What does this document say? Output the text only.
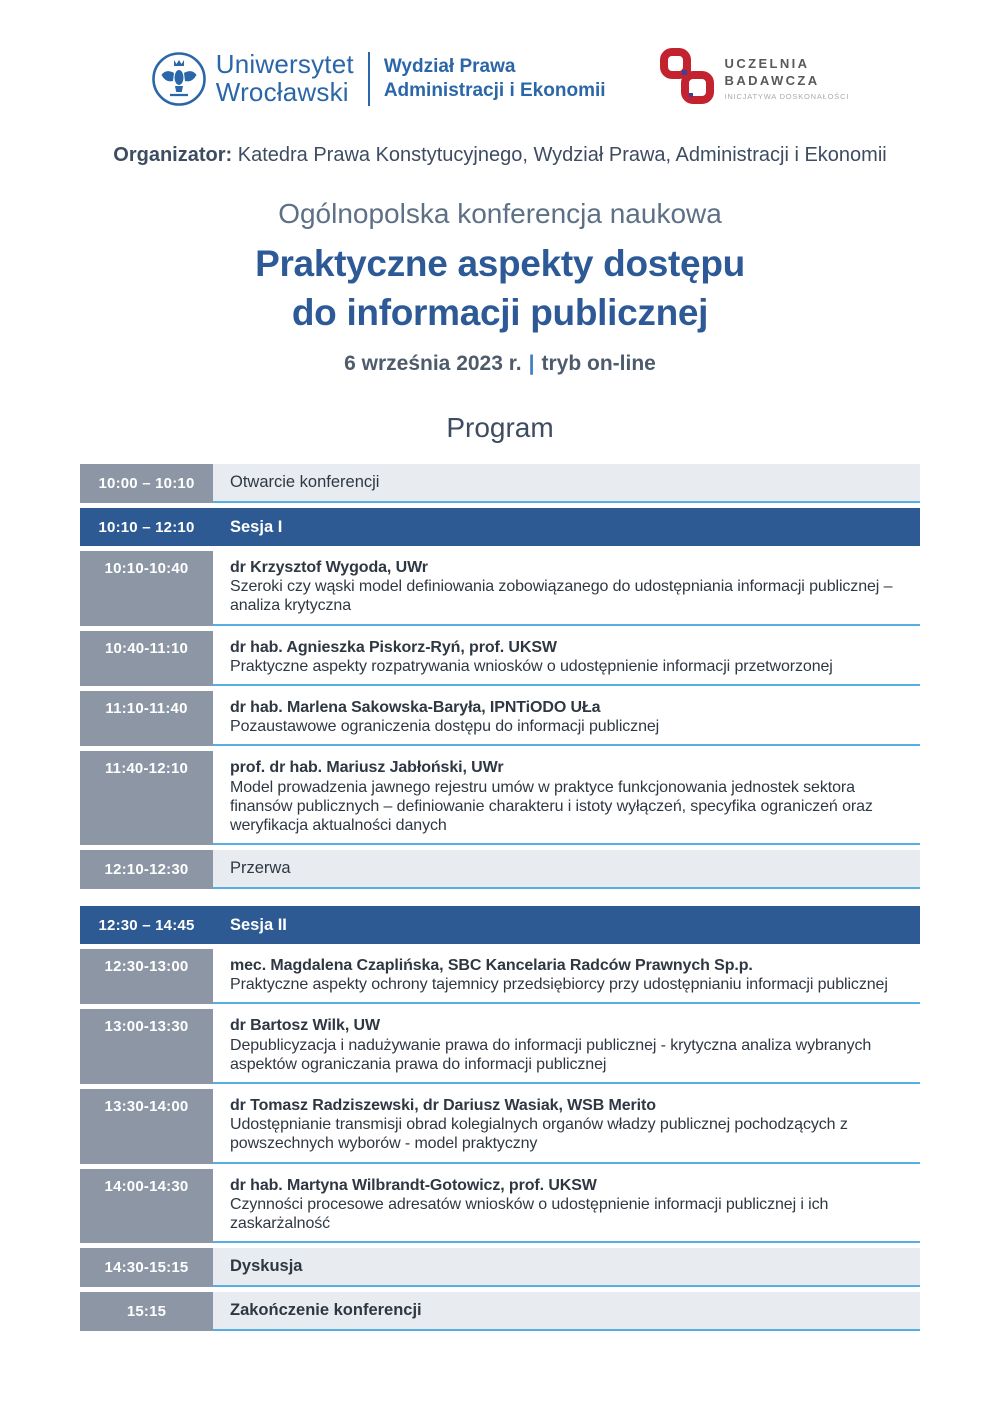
Uniwersytet
Wrocławski
Wydział Prawa
Administracji i Ekonomii
UCZELNIA
BADAWCZA
INICJATYWA DOSKONAŁOŚCI
Organizator: Katedra Prawa Konstytucyjnego, Wydział Prawa, Administracji i Ekonomii
Ogólnopolska konferencja naukowa
Praktyczne aspekty dostępu
do informacji publicznej
6 września 2023 r. | tryb on-line
Program
10:00 – 10:10	Otwarcie konferencji
10:10 – 12:10	Sesja I
10:10-10:40	dr Krzysztof Wygoda, UWr
Szeroki czy wąski model definiowania zobowiązanego do udostępniania informacji publicznej – analiza krytyczna
10:40-11:10	dr hab. Agnieszka Piskorz-Ryń, prof. UKSW
Praktyczne aspekty rozpatrywania wniosków o udostępnienie informacji przetworzonej
11:10-11:40	dr hab. Marlena Sakowska-Baryła, IPNTiODO UŁa
Pozaustawowe ograniczenia dostępu do informacji publicznej
11:40-12:10	prof. dr hab. Mariusz Jabłoński, UWr
Model prowadzenia jawnego rejestru umów w praktyce funkcjonowania jednostek sektora finansów publicznych – definiowanie charakteru i istoty wyłączeń, specyfika ograniczeń oraz weryfikacja aktualności danych
12:10-12:30	Przerwa
12:30 – 14:45	Sesja II
12:30-13:00	mec. Magdalena Czaplińska, SBC Kancelaria Radców Prawnych Sp.p.
Praktyczne aspekty ochrony tajemnicy przedsiębiorcy przy udostępnianiu informacji publicznej
13:00-13:30	dr Bartosz Wilk, UW
Depublicyzacja i nadużywanie prawa do informacji publicznej - krytyczna analiza wybranych aspektów ograniczania prawa do informacji publicznej
13:30-14:00	dr Tomasz Radziszewski, dr Dariusz Wasiak, WSB Merito
Udostępnianie transmisji obrad kolegialnych organów władzy publicznej pochodzących z powszechnych wyborów - model praktyczny
14:00-14:30	dr hab. Martyna Wilbrandt-Gotowicz, prof. UKSW
Czynności procesowe adresatów wniosków o udostępnienie informacji publicznej i ich zaskarżalność
14:30-15:15	Dyskusja
15:15	Zakończenie konferencji
